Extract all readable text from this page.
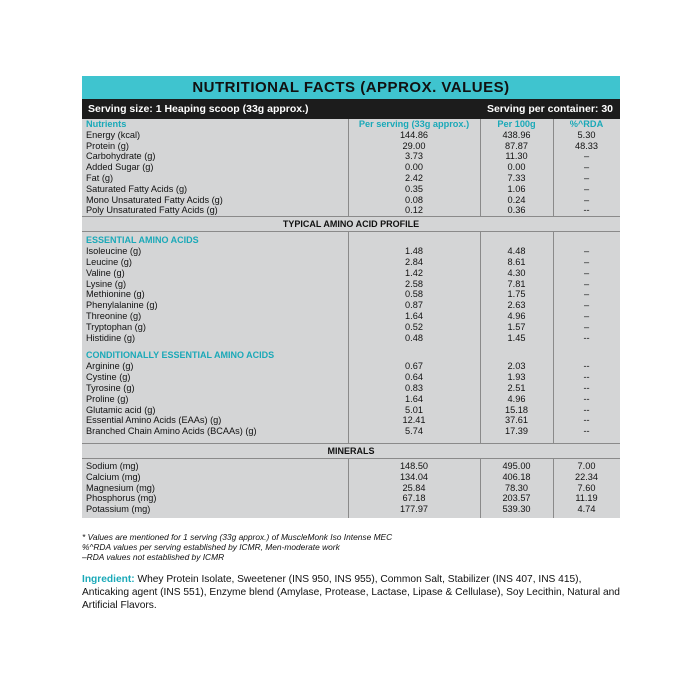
NUTRITIONAL FACTS (APPROX. VALUES)
Serving size: 1 Heaping scoop (33g approx.)	Serving per container: 30
Nutrients	Per serving (33g approx.)	Per 100g	%^RDA
Energy (kcal)	144.86	438.96	5.30
Protein (g)	29.00	87.87	48.33
Carbohydrate (g)	3.73	11.30	–
Added Sugar (g)	0.00	0.00	–
Fat (g)	2.42	7.33	–
Saturated Fatty Acids (g)	0.35	1.06	–
Mono Unsaturated Fatty Acids (g)	0.08	0.24	–
Poly Unsaturated Fatty Acids (g)	0.12	0.36	--
TYPICAL AMINO ACID PROFILE
ESSENTIAL AMINO ACIDS
Isoleucine (g)	1.48	4.48	–
Leucine (g)	2.84	8.61	–
Valine (g)	1.42	4.30	–
Lysine (g)	2.58	7.81	–
Methionine (g)	0.58	1.75	–
Phenylalanine (g)	0.87	2.63	–
Threonine (g)	1.64	4.96	–
Tryptophan (g)	0.52	1.57	–
Histidine (g)	0.48	1.45	--
CONDITIONALLY ESSENTIAL AMINO ACIDS
Arginine (g)	0.67	2.03	--
Cystine (g)	0.64	1.93	--
Tyrosine (g)	0.83	2.51	--
Proline (g)	1.64	4.96	--
Glutamic acid (g)	5.01	15.18	--
Essential Amino Acids (EAAs) (g)	12.41	37.61	--
Branched Chain Amino Acids (BCAAs) (g)	5.74	17.39	--
MINERALS
Sodium (mg)	148.50	495.00	7.00
Calcium (mg)	134.04	406.18	22.34
Magnesium (mg)	25.84	78.30	7.60
Phosphorus (mg)	67.18	203.57	11.19
Potassium (mg)	177.97	539.30	4.74
* Values are mentioned for 1 serving (33g approx.) of MuscleMonk Iso Intense MEC
%^RDA values per serving established by ICMR, Men-moderate work
–RDA values not established by ICMR
Ingredient: Whey Protein Isolate, Sweetener (INS 950, INS 955), Common Salt, Stabilizer (INS 407, INS 415), Anticaking agent (INS 551), Enzyme blend (Amylase, Protease, Lactase, Lipase & Cellulase), Soy Lecithin, Natural and Artificial Flavors.
